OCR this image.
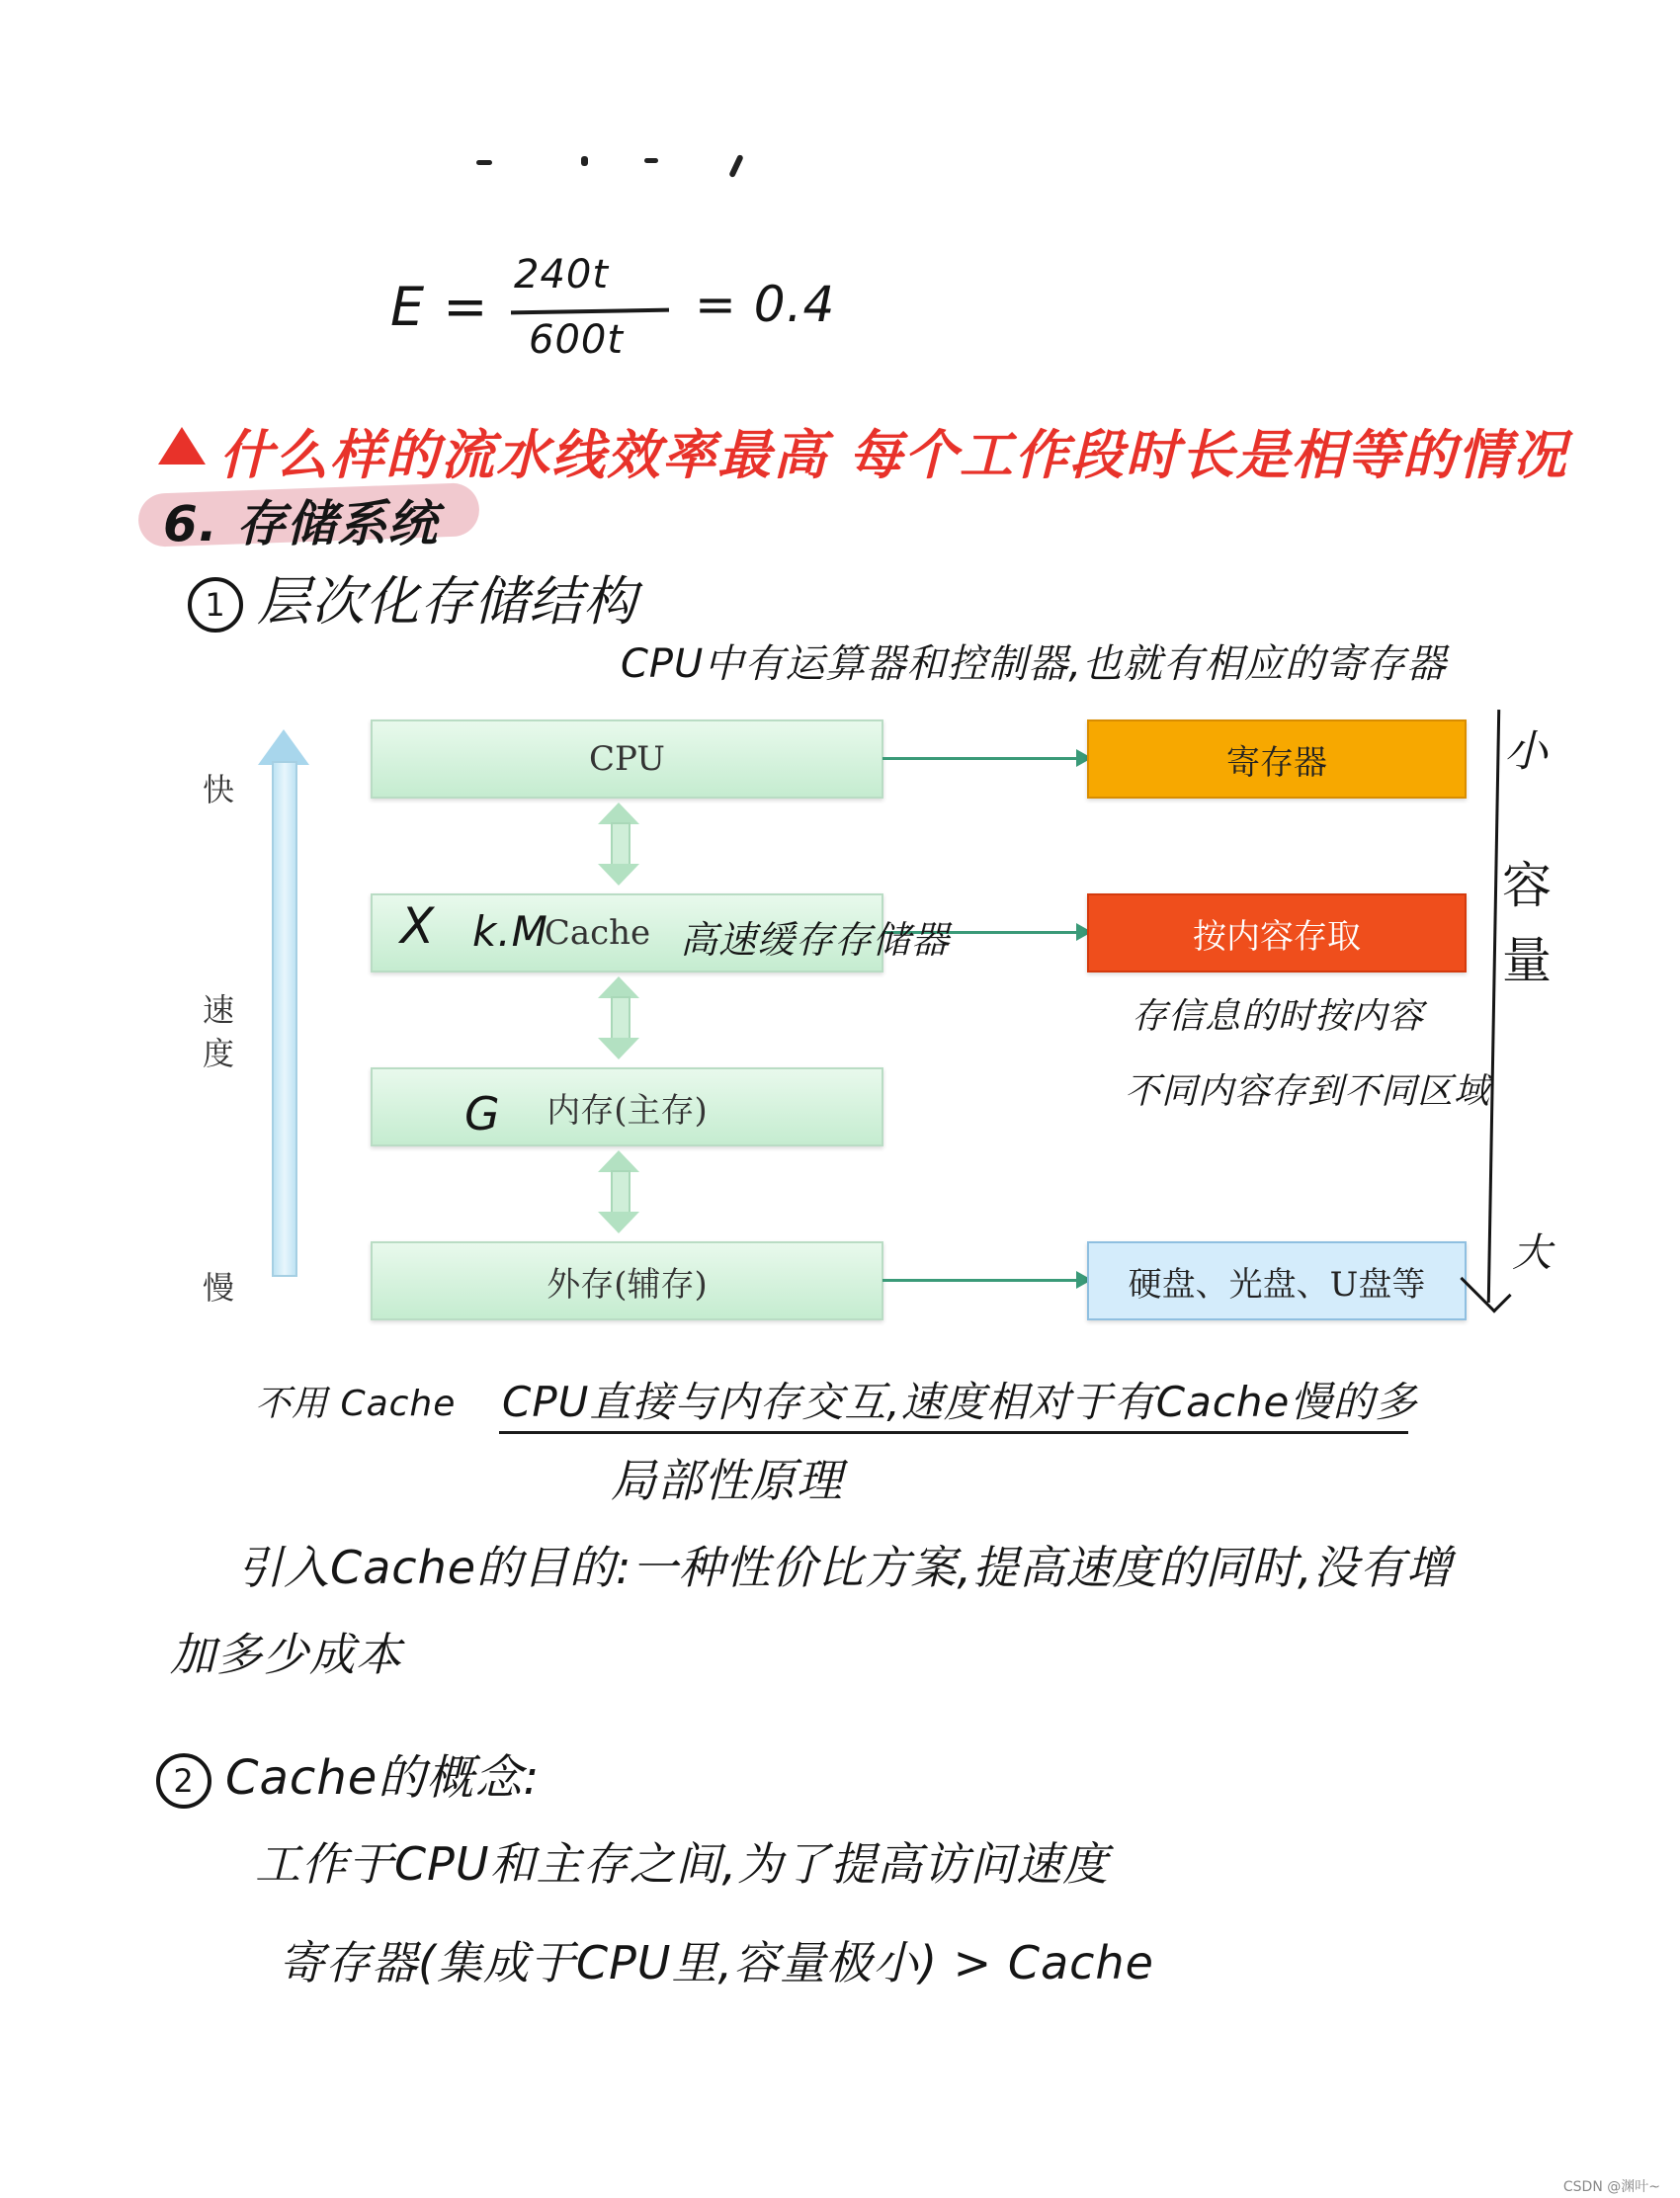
E =
240t
600t
= 0.4
什么样的流水线效率最高 每个工作段时长是相等的情况
6. 存储系统
1 层次化存储结构
CPU中有运算器和控制器,也就有相应的寄存器
快
速度
慢
CPU
Cache
内存(主存)
外存(辅存)
寄存器
按内容存取
硬盘、光盘、U盘等
X k.M	高速缓存存储器
G
存信息的时按内容
不同内容存到不同区域
小
容量
大
不用 Cache CPU直接与内存交互,速度相对于有Cache慢的多
局部性原理
引入Cache的目的:一种性价比方案,提高速度的同时,没有增
加多少成本
2 Cache的概念:
工作于CPU和主存之间,为了提高访问速度
寄存器(集成于CPU里,容量极小) > Cache
CSDN @渊叶~
